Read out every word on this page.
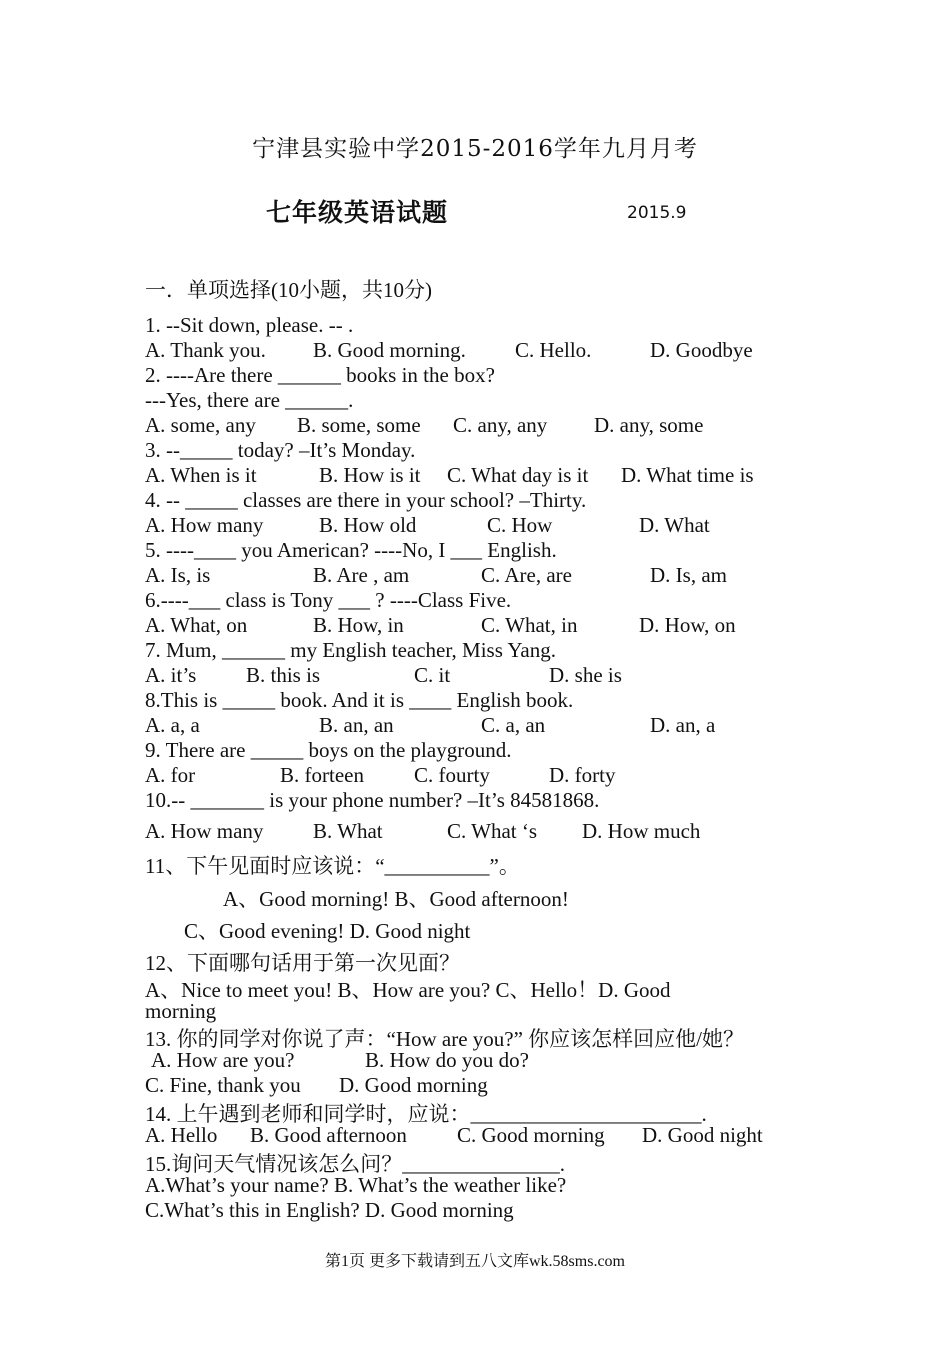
宁津县实验中学2015-2016学年九月月考
七年级英语试题	2015.9
一．单项选择(10小题，共10分)
1. --Sit down, please. -- .
A. Thank you. B. Good morning. C. Hello.	D. Goodbye
2. ----Are there ______ books in the box?
---Yes, there are ______.
A. some, any B. some, some C. any, any D. any, some
3. --_____ today? –It’s Monday.
A. When is it	B. How is it C. What day is it D. What time is
4. -- _____ classes are there in your school? –Thirty.
A. How many	B. How old	C. How	D. What
5. ----____ you American? ----No, I ___ English.
A. Is, is	B. Are , am	C. Are, are	D. Is, am
6.----___ class is Tony ___ ? ----Class Five.
A. What, on	B. How, in	C. What, in	D. How, on
7. Mum, ______ my English teacher, Miss Yang.
A. it’s B. this is	C. it	D. she is
8.This is _____ book. And it is ____ English book.
A. a, a	B. an, an	C. a, an	D. an, a
9. There are _____ boys on the playground.
A. for	B. forteen C. fourty	D. forty
10.-- _______ is your phone number? –It’s 84581868.
A. How many B. What	C. What ‘s D. How much
11、下午见面时应该说：“__________”。
A、Good morning! B、Good afternoon!
C、Good evening! D. Good night
12、下面哪句话用于第一次见面？
A、Nice to meet you! B、How are you? C、Hello！D. Good
morning
13. 你的同学对你说了声：“How are you?” 你应该怎样回应他/她？
A. How are you?	B. How do you do?
C. Fine, thank you D. Good morning
14. 上午遇到老师和同学时，应说：______________________.
A. Hello B. Good afternoon C. Good morning D. Good night
15.询问天气情况该怎么问？_______________.
A.What’s your name? B. What’s the weather like?
C.What’s this in English? D. Good morning
第1页 更多下载请到五八文库wk.58sms.com
